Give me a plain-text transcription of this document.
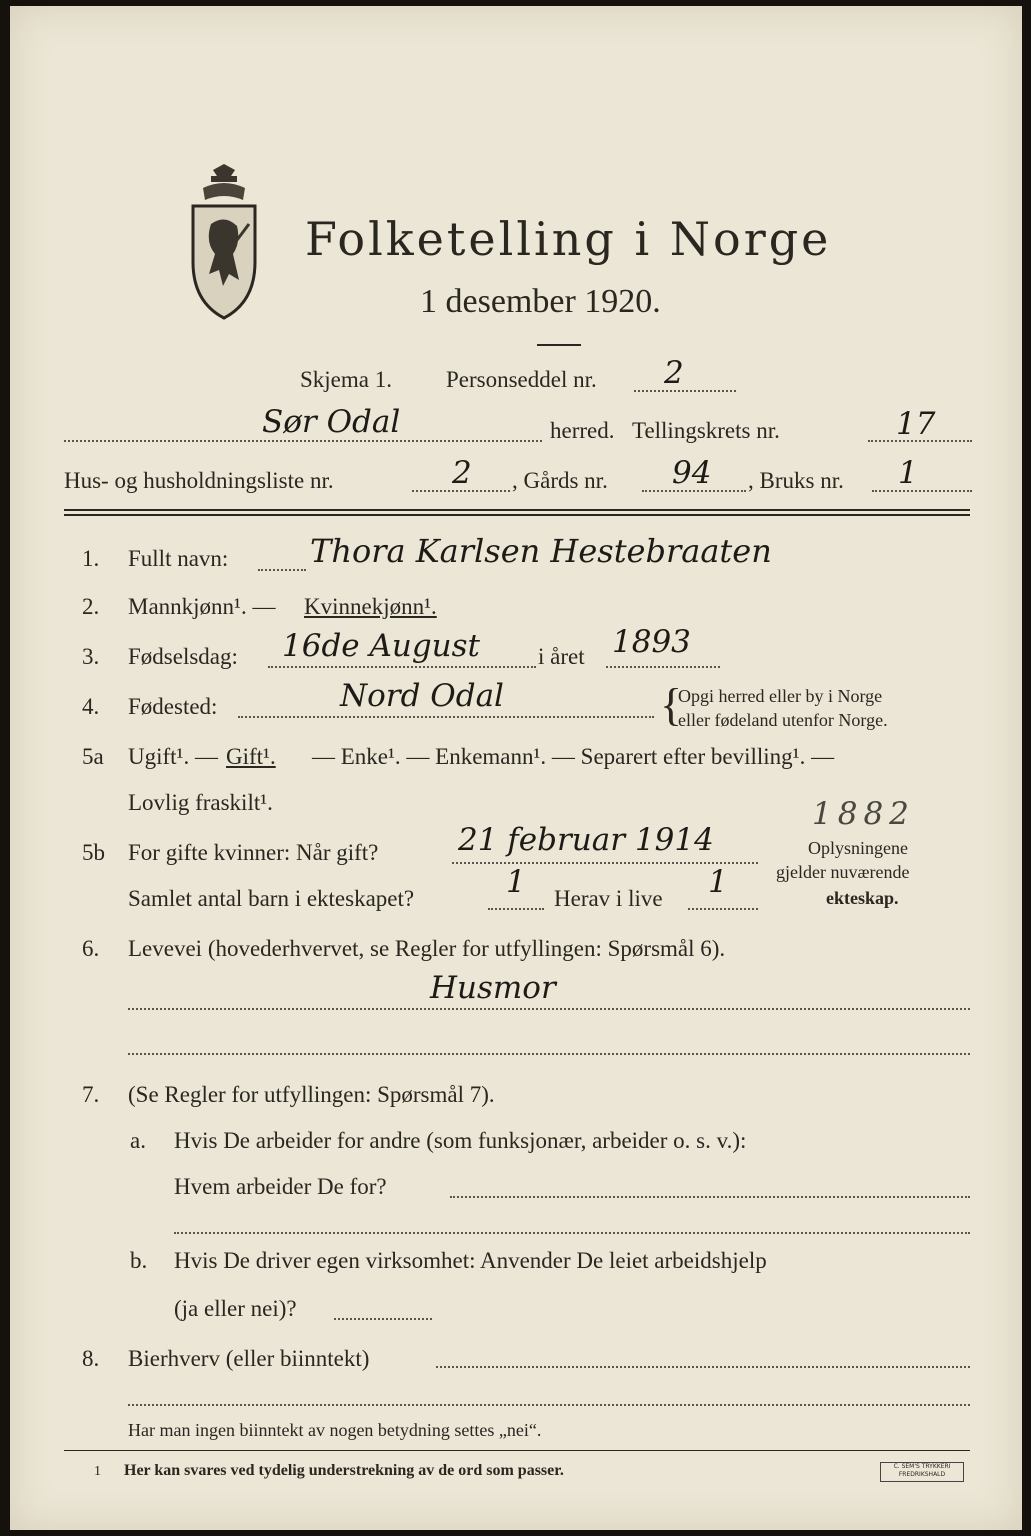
Folketelling i Norge
1 desember 1920.
Skjema 1. Personseddel nr. 2
Sør Odal	herred. Tellingskrets nr.	17
Hus- og husholdningsliste nr.	2 , Gårds nr. 94 , Bruks nr. 1
1. Fullt navn:	Thora Karlsen Hestebraaten
2. Mannkjønn¹. — Kvinnekjønn¹.
3. Fødselsdag: 16de August	i året 1893
4. Fødested:	Nord Odal	{
Opgi herred eller by i Norge
eller fødeland utenfor Norge.
5a Ugift¹. — Gift¹. — Enke¹. — Enkemann¹. — Separert efter bevilling¹. —
Lovlig fraskilt¹.
5b For gifte kvinner: Når gift?	21 februar 1914
1882
Oplysningene
gjelder nuværende
ekteskap.
Samlet antal barn i ekteskapet?	1 Herav i live 1
6. Levevei (hovederhvervet, se Regler for utfyllingen: Spørsmål 6).
Husmor
7. (Se Regler for utfyllingen: Spørsmål 7).
a. Hvis De arbeider for andre (som funksjonær, arbeider o. s. v.):
Hvem arbeider De for?
b. Hvis De driver egen virksomhet: Anvender De leiet arbeidshjelp
(ja eller nei)?
8. Bierhverv (eller biinntekt)
Har man ingen biinntekt av nogen betydning settes „nei“.
1 Her kan svares ved tydelig understrekning av de ord som passer.	C. SEM'S TRYKKERI
FREDRIKSHALD
